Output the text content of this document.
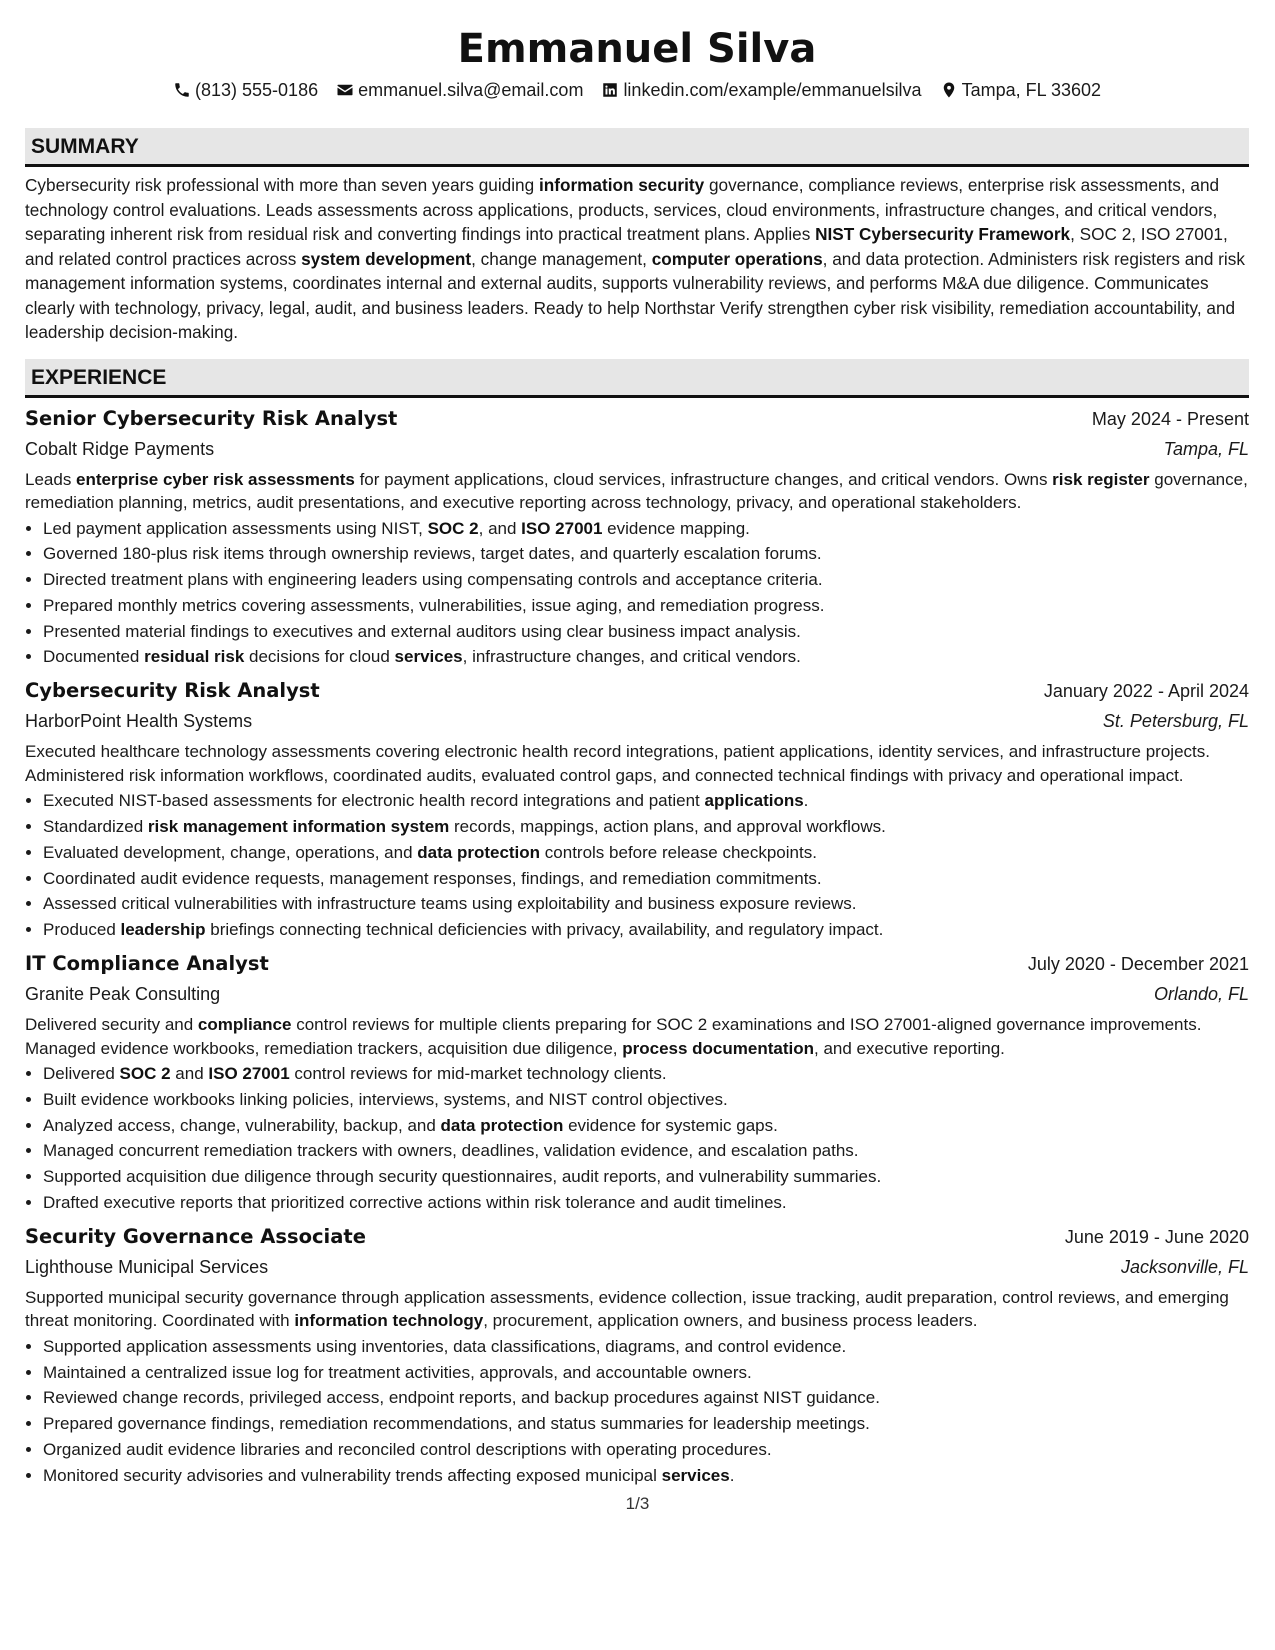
Emmanuel Silva
(813) 555-0186 emmanuel.silva@email.com linkedin.com/example/emmanuelsilva Tampa, FL 33602
SUMMARY
Cybersecurity risk professional with more than seven years guiding information security governance, compliance reviews, enterprise risk assessments, and technology control evaluations. Leads assessments across applications, products, services, cloud environments, infrastructure changes, and critical vendors, separating inherent risk from residual risk and converting findings into practical treatment plans. Applies NIST Cybersecurity Framework, SOC 2, ISO 27001, and related control practices across system development, change management, computer operations, and data protection. Administers risk registers and risk management information systems, coordinates internal and external audits, supports vulnerability reviews, and performs M&A due diligence. Communicates clearly with technology, privacy, legal, audit, and business leaders. Ready to help Northstar Verify strengthen cyber risk visibility, remediation accountability, and leadership decision-making.
EXPERIENCE
Senior Cybersecurity Risk Analyst	May 2024 - Present
Cobalt Ridge Payments	Tampa, FL
Leads enterprise cyber risk assessments for payment applications, cloud services, infrastructure changes, and critical vendors. Owns risk register governance, remediation planning, metrics, audit presentations, and executive reporting across technology, privacy, and operational stakeholders.
• Led payment application assessments using NIST, SOC 2, and ISO 27001 evidence mapping.
• Governed 180-plus risk items through ownership reviews, target dates, and quarterly escalation forums.
• Directed treatment plans with engineering leaders using compensating controls and acceptance criteria.
• Prepared monthly metrics covering assessments, vulnerabilities, issue aging, and remediation progress.
• Presented material findings to executives and external auditors using clear business impact analysis.
• Documented residual risk decisions for cloud services, infrastructure changes, and critical vendors.
Cybersecurity Risk Analyst	January 2022 - April 2024
HarborPoint Health Systems	St. Petersburg, FL
Executed healthcare technology assessments covering electronic health record integrations, patient applications, identity services, and infrastructure projects. Administered risk information workflows, coordinated audits, evaluated control gaps, and connected technical findings with privacy and operational impact.
• Executed NIST-based assessments for electronic health record integrations and patient applications.
• Standardized risk management information system records, mappings, action plans, and approval workflows.
• Evaluated development, change, operations, and data protection controls before release checkpoints.
• Coordinated audit evidence requests, management responses, findings, and remediation commitments.
• Assessed critical vulnerabilities with infrastructure teams using exploitability and business exposure reviews.
• Produced leadership briefings connecting technical deficiencies with privacy, availability, and regulatory impact.
IT Compliance Analyst	July 2020 - December 2021
Granite Peak Consulting	Orlando, FL
Delivered security and compliance control reviews for multiple clients preparing for SOC 2 examinations and ISO 27001-aligned governance improvements. Managed evidence workbooks, remediation trackers, acquisition due diligence, process documentation, and executive reporting.
• Delivered SOC 2 and ISO 27001 control reviews for mid-market technology clients.
• Built evidence workbooks linking policies, interviews, systems, and NIST control objectives.
• Analyzed access, change, vulnerability, backup, and data protection evidence for systemic gaps.
• Managed concurrent remediation trackers with owners, deadlines, validation evidence, and escalation paths.
• Supported acquisition due diligence through security questionnaires, audit reports, and vulnerability summaries.
• Drafted executive reports that prioritized corrective actions within risk tolerance and audit timelines.
Security Governance Associate	June 2019 - June 2020
Lighthouse Municipal Services	Jacksonville, FL
Supported municipal security governance through application assessments, evidence collection, issue tracking, audit preparation, control reviews, and emerging threat monitoring. Coordinated with information technology, procurement, application owners, and business process leaders.
• Supported application assessments using inventories, data classifications, diagrams, and control evidence.
• Maintained a centralized issue log for treatment activities, approvals, and accountable owners.
• Reviewed change records, privileged access, endpoint reports, and backup procedures against NIST guidance.
• Prepared governance findings, remediation recommendations, and status summaries for leadership meetings.
• Organized audit evidence libraries and reconciled control descriptions with operating procedures.
• Monitored security advisories and vulnerability trends affecting exposed municipal services.
1/3
